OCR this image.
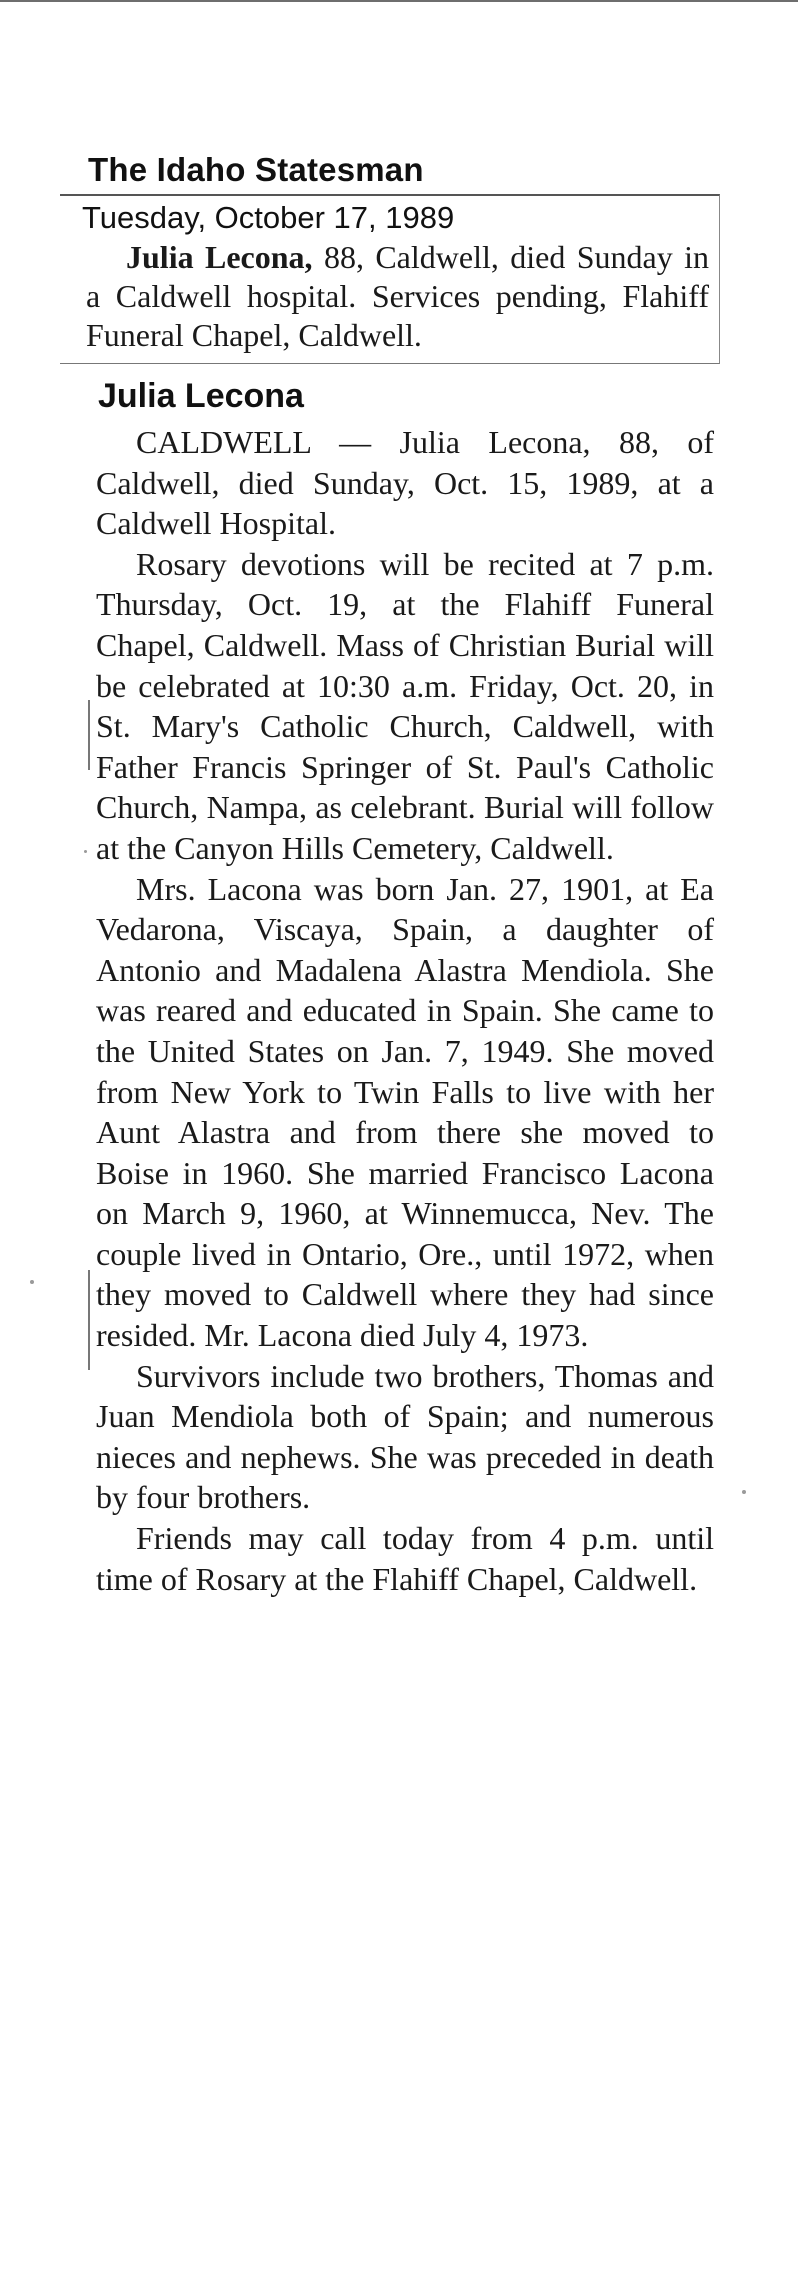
The Idaho Statesman
Tuesday, October 17, 1989
Julia Lecona, 88, Caldwell, died Sunday in a Caldwell hospital. Services pending, Flahiff Funeral Chapel, Caldwell.
Julia Lecona

CALDWELL — Julia Lecona, 88, of Caldwell, died Sunday, Oct. 15, 1989, at a Caldwell Hospital.

Rosary devotions will be recited at 7 p.m. Thursday, Oct. 19, at the Flahiff Funeral Chapel, Caldwell. Mass of Christian Burial will be celebrated at 10:30 a.m. Friday, Oct. 20, in St. Mary's Catholic Church, Caldwell, with Father Francis Springer of St. Paul's Catholic Church, Nampa, as celebrant. Burial will follow at the Canyon Hills Cemetery, Caldwell.

Mrs. Lacona was born Jan. 27, 1901, at Ea Vedarona, Viscaya, Spain, a daughter of Antonio and Madalena Alastra Mendiola. She was reared and educated in Spain. She came to the United States on Jan. 7, 1949. She moved from New York to Twin Falls to live with her Aunt Alastra and from there she moved to Boise in 1960. She married Francisco Lacona on March 9, 1960, at Winnemucca, Nev. The couple lived in Ontario, Ore., until 1972, when they moved to Caldwell where they had since resided. Mr. Lacona died July 4, 1973.

Survivors include two brothers, Thomas and Juan Mendiola both of Spain; and numerous nieces and nephews. She was preceded in death by four brothers.

Friends may call today from 4 p.m. until time of Rosary at the Flahiff Chapel, Caldwell.
